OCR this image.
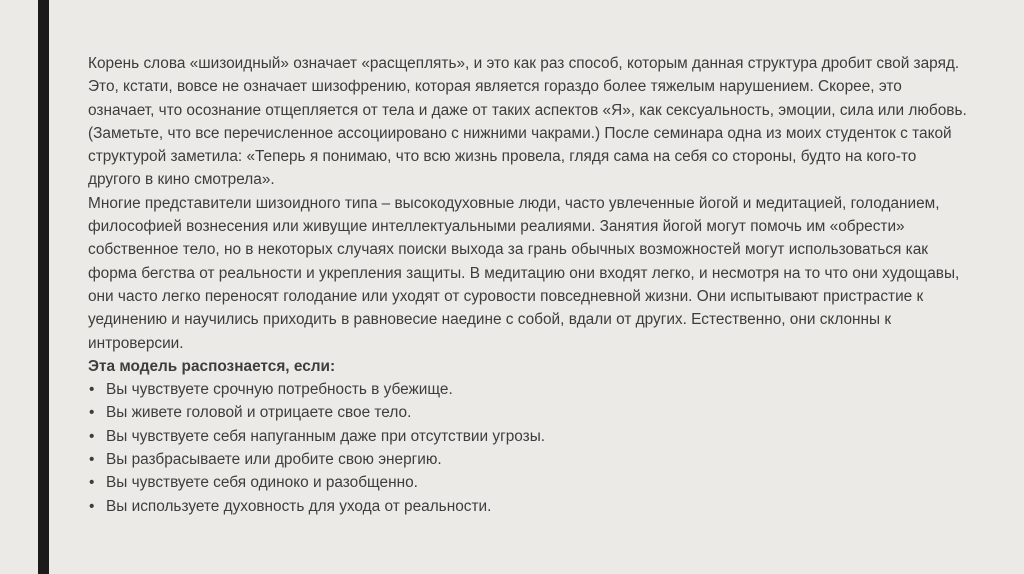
Корень слова «шизоидный» означает «расщеплять», и это как раз способ, которым данная структура дробит свой заряд. Это, кстати, вовсе не означает шизофрению, которая является гораздо более тяжелым нарушением. Скорее, это означает, что осознание отщепляется от тела и даже от таких аспектов «Я», как сексуальность, эмоции, сила или любовь. (Заметьте, что все перечисленное ассоциировано с нижними чакрами.) После семинара одна из моих студенток с такой структурой заметила: «Теперь я понимаю, что всю жизнь провела, глядя сама на себя со стороны, будто на кого-то другого в кино смотрела».

Многие представители шизоидного типа – высокодуховные люди, часто увлеченные йогой и медитацией, голоданием, философией вознесения или живущие интеллектуальными реалиями. Занятия йогой могут помочь им «обрести» собственное тело, но в некоторых случаях поиски выхода за грань обычных возможностей могут использоваться как форма бегства от реальности и укрепления защиты. В медитацию они входят легко, и несмотря на то что они худощавы, они часто легко переносят голодание или уходят от суровости повседневной жизни. Они испытывают пристрастие к уединению и научились приходить в равновесие наедине с собой, вдали от других. Естественно, они склонны к интроверсии.

Эта модель распознается, если:

• Вы чувствуете срочную потребность в убежище.
• Вы живете головой и отрицаете свое тело.
• Вы чувствуете себя напуганным даже при отсутствии угрозы.
• Вы разбрасываете или дробите свою энергию.
• Вы чувствуете себя одиноко и разобщенно.
• Вы используете духовность для ухода от реальности.
